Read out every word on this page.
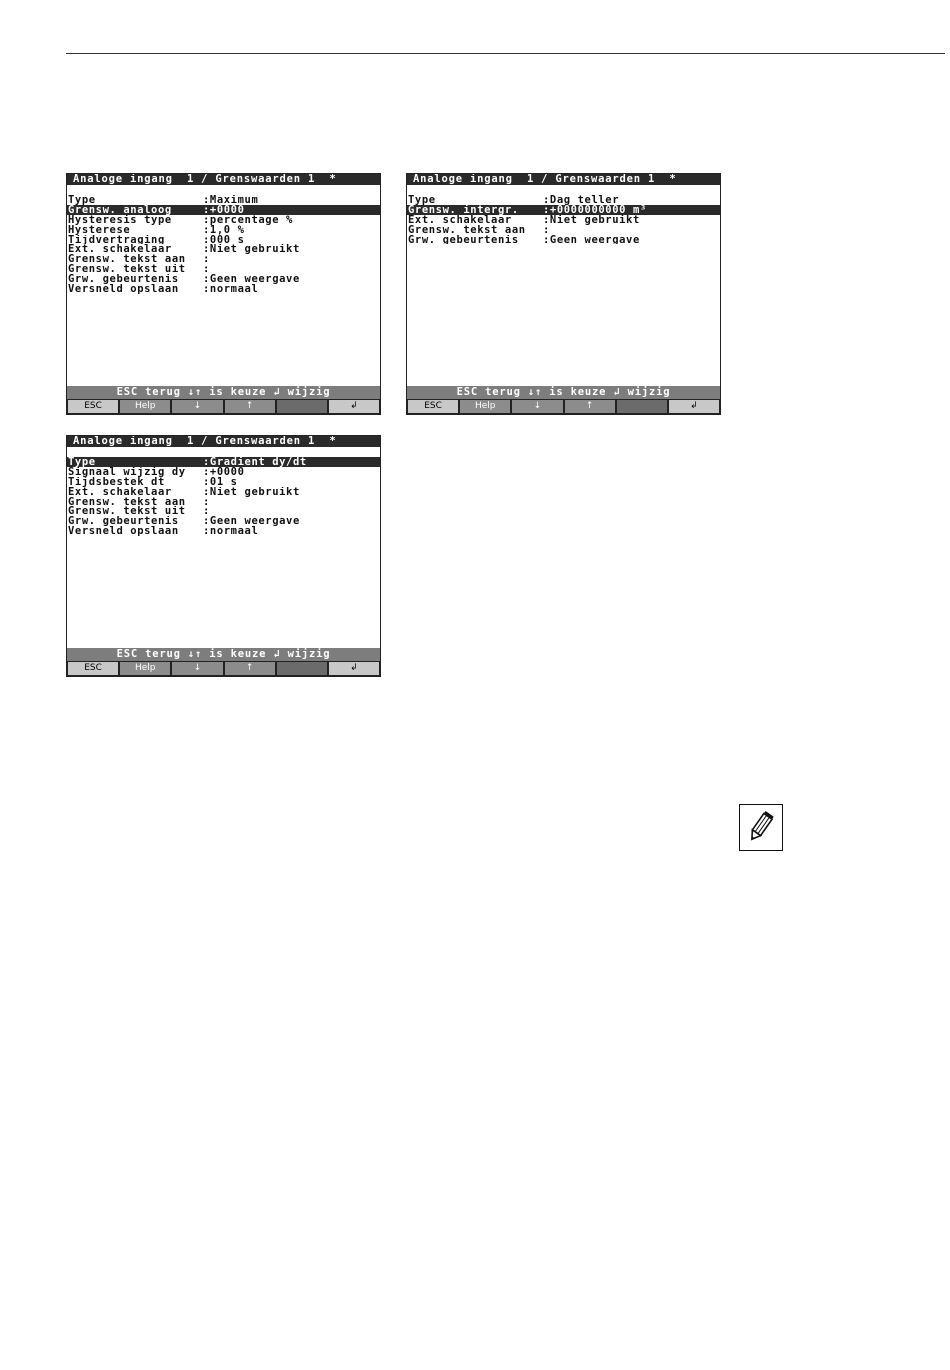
Analoge ingang  1 / Grenswaarden 1  *
Type	:Maximum
Grensw. analoog	:+0000
Hysteresis type	:percentage %
Hysterese	:1,0 %
Tijdvertraging	:000 s
Ext. schakelaar	:Niet gebruikt
Grensw. tekst aan	:
Grensw. tekst uit	:
Grw. gebeurtenis	:Geen weergave
Versneld opslaan	:normaal
ESC terug ↓↑ is keuze ↲ wijzig
ESC	Help	↓	↑	↲
Analoge ingang  1 / Grenswaarden 1  *
Type	:Dag teller
Grensw. intergr.	:+0000000000 m³
Ext. schakelaar	:Niet gebruikt
Grensw. tekst aan	:
Grw. gebeurtenis	:Geen weergave
ESC terug ↓↑ is keuze ↲ wijzig
ESC	Help	↓	↑	↲
Analoge ingang  1 / Grenswaarden 1  *
Type	:Gradient dy/dt
Signaal wijzig dy	:+0000
Tijdsbestek dt	:01 s
Ext. schakelaar	:Niet gebruikt
Grensw. tekst aan	:
Grensw. tekst uit	:
Grw. gebeurtenis	:Geen weergave
Versneld opslaan	:normaal
ESC terug ↓↑ is keuze ↲ wijzig
ESC	Help	↓	↑	↲
